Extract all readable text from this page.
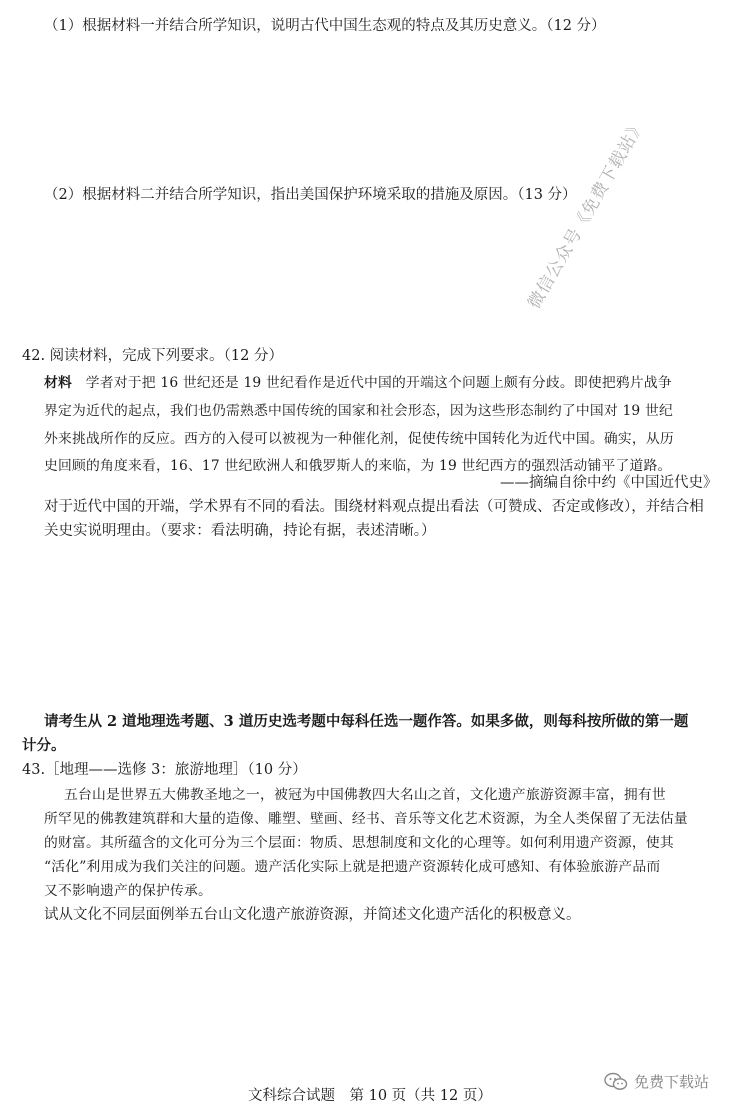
（1）根据材料一并结合所学知识，说明古代中国生态观的特点及其历史意义。（12 分）
（2）根据材料二并结合所学知识，指出美国保护环境采取的措施及原因。（13 分）
微信公众号《免费下载站》
42. 阅读材料，完成下列要求。（12 分）
材料 学者对于把 16 世纪还是 19 世纪看作是近代中国的开端这个问题上颇有分歧。即使把鸦片战争
界定为近代的起点，我们也仍需熟悉中国传统的国家和社会形态，因为这些形态制约了中国对 19 世纪
外来挑战所作的反应。西方的入侵可以被视为一种催化剂，促使传统中国转化为近代中国。确实，从历
史回顾的角度来看，16、17 世纪欧洲人和俄罗斯人的来临，为 19 世纪西方的强烈活动铺平了道路。
——摘编自徐中约《中国近代史》
对于近代中国的开端，学术界有不同的看法。围绕材料观点提出看法（可赞成、否定或修改），并结合相
关史实说明理由。（要求：看法明确，持论有据，表述清晰。）
请考生从 2 道地理选考题、3 道历史选考题中每科任选一题作答。如果多做，则每科按所做的第一题
计分。
43.［地理——选修 3：旅游地理］（10 分）
五台山是世界五大佛教圣地之一，被冠为中国佛教四大名山之首，文化遗产旅游资源丰富，拥有世
所罕见的佛教建筑群和大量的造像、雕塑、壁画、经书、音乐等文化艺术资源，为全人类保留了无法估量
的财富。其所蕴含的文化可分为三个层面：物质、思想制度和文化的心理等。如何利用遗产资源，使其
“活化”利用成为我们关注的问题。遗产活化实际上就是把遗产资源转化成可感知、有体验旅游产品而
又不影响遗产的保护传承。
试从文化不同层面例举五台山文化遗产旅游资源，并简述文化遗产活化的积极意义。
文科综合试题　第 10 页（共 12 页）
免费下载站
